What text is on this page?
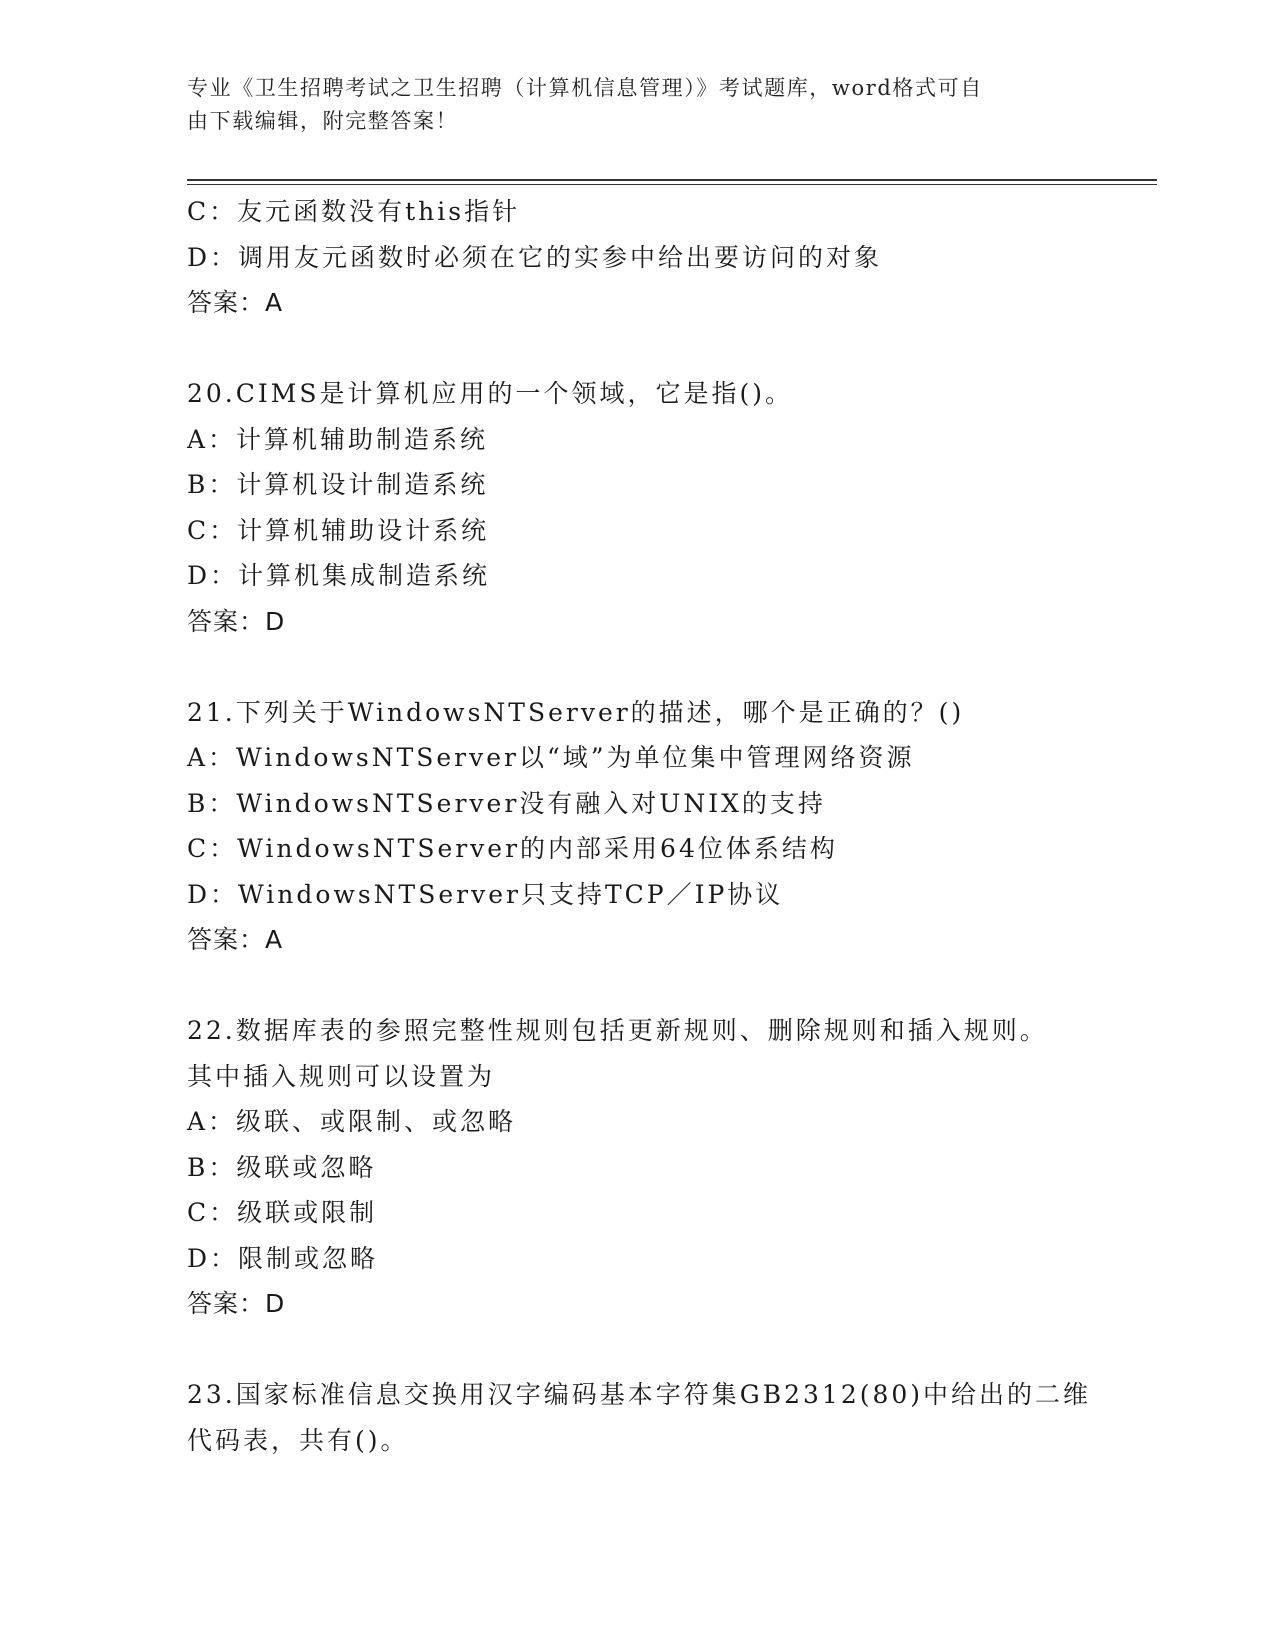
专业《卫生招聘考试之卫生招聘（计算机信息管理）》考试题库，word格式可自
由下载编辑，附完整答案！
C：友元函数没有this指针
D：调用友元函数时必须在它的实参中给出要访问的对象
答案：A
20.CIMS是计算机应用的一个领域，它是指()。
A：计算机辅助制造系统
B：计算机设计制造系统
C：计算机辅助设计系统
D：计算机集成制造系统
答案：D
21.下列关于WindowsNTServer的描述，哪个是正确的？()
A：WindowsNTServer以“域”为单位集中管理网络资源
B：WindowsNTServer没有融入对UNIX的支持
C：WindowsNTServer的内部采用64位体系结构
D：WindowsNTServer只支持TCP／IP协议
答案：A
22.数据库表的参照完整性规则包括更新规则、删除规则和插入规则。
其中插入规则可以设置为
A：级联、或限制、或忽略
B：级联或忽略
C：级联或限制
D：限制或忽略
答案：D
23.国家标准信息交换用汉字编码基本字符集GB2312(80)中给出的二维
代码表，共有()。
